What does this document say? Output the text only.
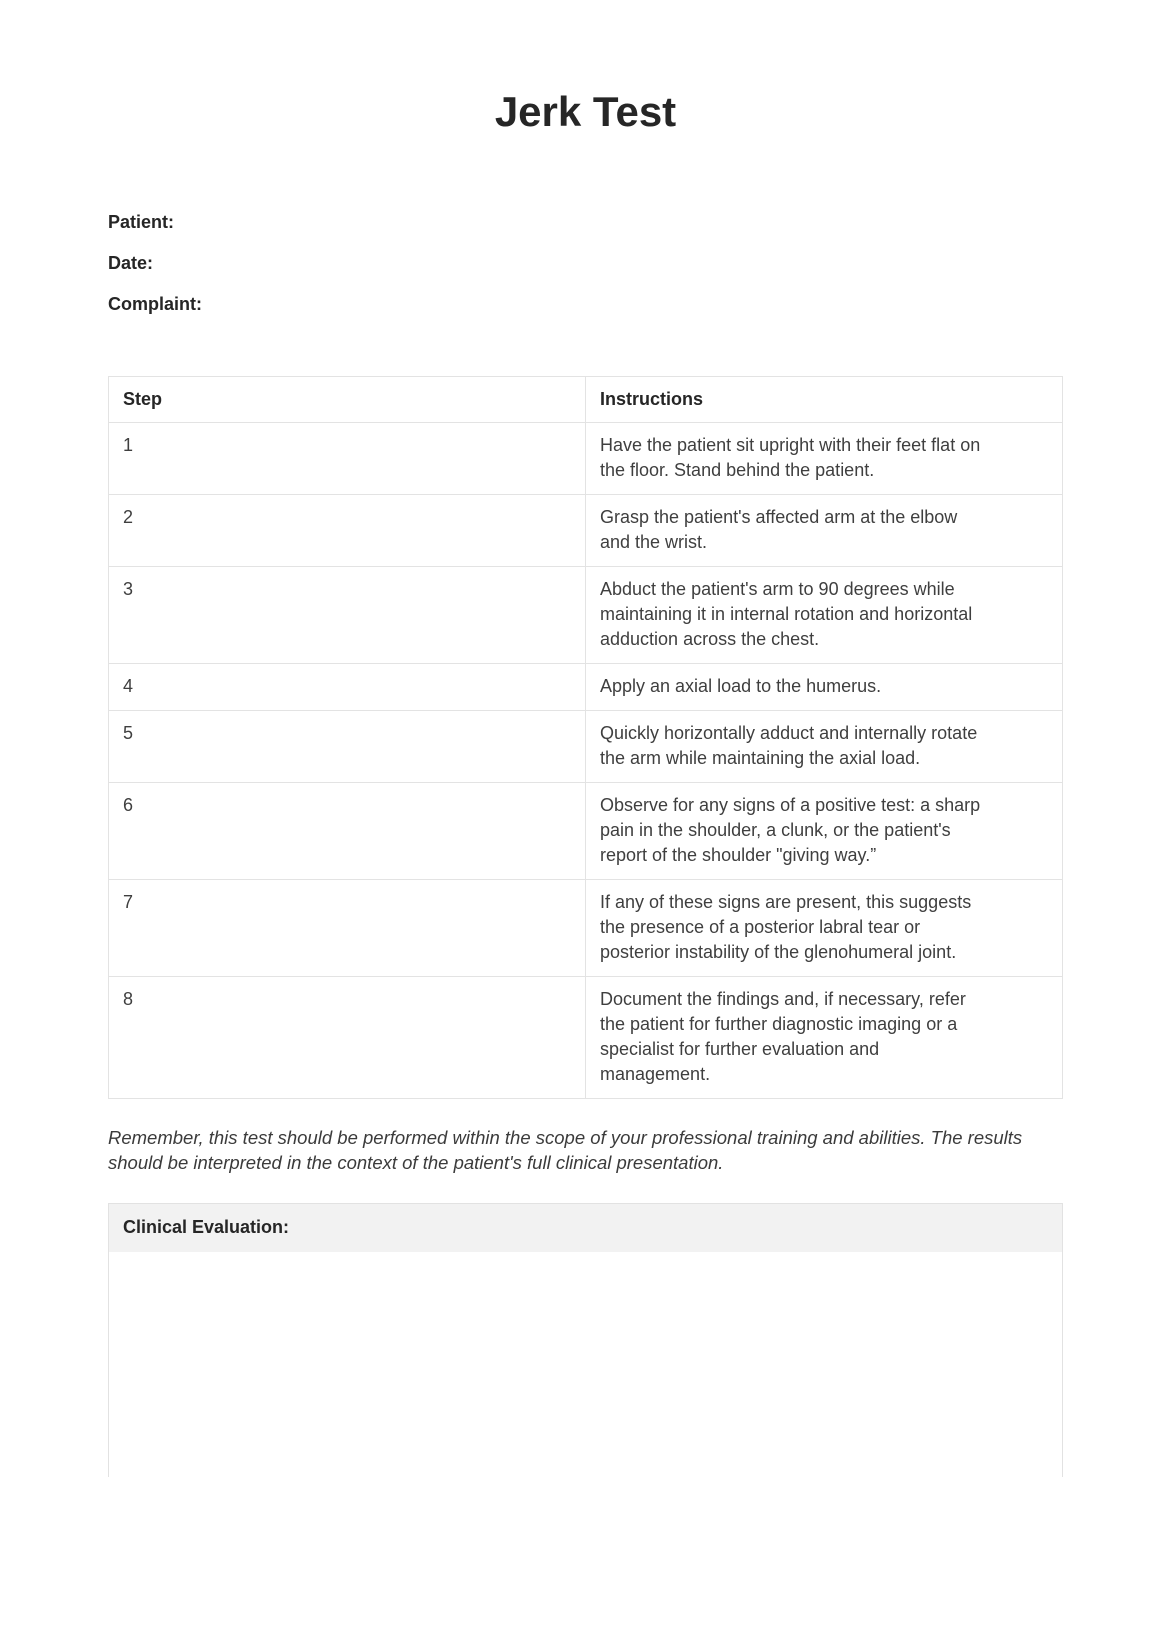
Jerk Test
Patient:
Date:
Complaint:
Step	Instructions
1	Have the patient sit upright with their feet flat on the floor. Stand behind the patient.

2	Grasp the patient's affected arm at the elbow and the wrist.

3	Abduct the patient's arm to 90 degrees while maintaining it in internal rotation and horizontal adduction across the chest.

4	Apply an axial load to the humerus.

5	Quickly horizontally adduct and internally rotate the arm while maintaining the axial load.

6	Observe for any signs of a positive test: a sharp pain in the shoulder, a clunk, or the patient's report of the shoulder "giving way.”

7	If any of these signs are present, this suggests the presence of a posterior labral tear or posterior instability of the glenohumeral joint.

8	Document the findings and, if necessary, refer the patient for further diagnostic imaging or a specialist for further evaluation and management.

Remember, this test should be performed within the scope of your professional training and abilities. The results should be interpreted in the context of the patient's full clinical presentation.

Clinical Evaluation:
